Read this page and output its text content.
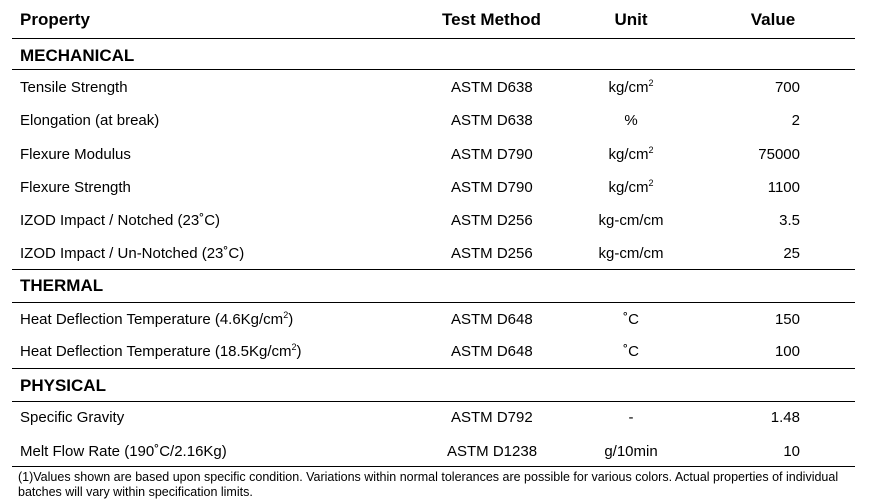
Property	Test Method	Unit	Value
MECHANICAL
Tensile Strength	ASTM D638	$kg/cm^2$	700
Elongation (at break)	ASTM D638	%	2
Flexure Modulus	ASTM D790	$kg/cm^2$	75000
Flexure Strength	ASTM D790	$kg/cm^2$	1100
IZOD Impact / Notched (23˚C)	ASTM D256	kg-cm/cm	3.5
IZOD Impact / Un-Notched (23˚C)	ASTM D256	kg-cm/cm	25
THERMAL
Heat Deflection Temperature $(4.6Kg/cm^2)$	ASTM D648	˚C	150
Heat Deflection Temperature $(18.5Kg/cm^2)$	ASTM D648	˚C	100
PHYSICAL
Specific Gravity	ASTM D792	-	1.48
Melt Flow Rate (190˚C/2.16Kg)	ASTM D1238	g/10min	10
(1)Values shown are based upon specific condition. Variations within normal tolerances are possible for various colors. Actual properties of individual batches will vary within specification limits.
